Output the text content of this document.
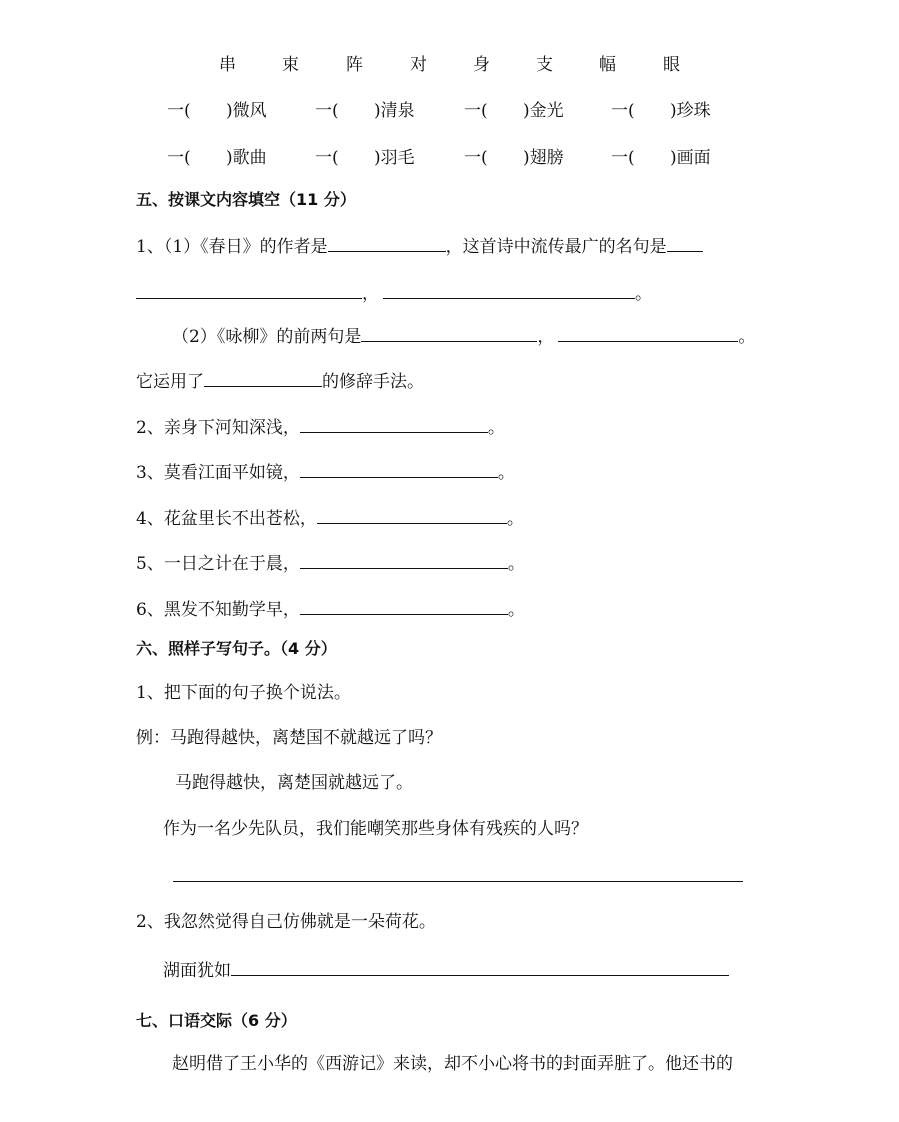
串	束	阵	对	身	支	幅	眼
一( )微风	一( )清泉	一( )金光	一( )珍珠
一( )歌曲	一( )羽毛	一( )翅膀	一( )画面
五、按课文内容填空（11 分）
1、（1）《春日》的作者是	，这首诗中流传最广的名句是
，	。
（2）《咏柳》的前两句是	，	。
它运用了	的修辞手法。
2、亲身下河知深浅，	。
3、莫看江面平如镜，	。
4、花盆里长不出苍松，	。
5、一日之计在于晨，	。
6、黑发不知勤学早，	。
六、照样子写句子。（4 分）
1、把下面的句子换个说法。
例：马跑得越快，离楚国不就越远了吗？
马跑得越快，离楚国就越远了。
作为一名少先队员，我们能嘲笑那些身体有残疾的人吗？
2、我忽然觉得自己仿佛就是一朵荷花。
湖面犹如
七、口语交际（6 分）
赵明借了王小华的《西游记》来读，却不小心将书的封面弄脏了。他还书的
